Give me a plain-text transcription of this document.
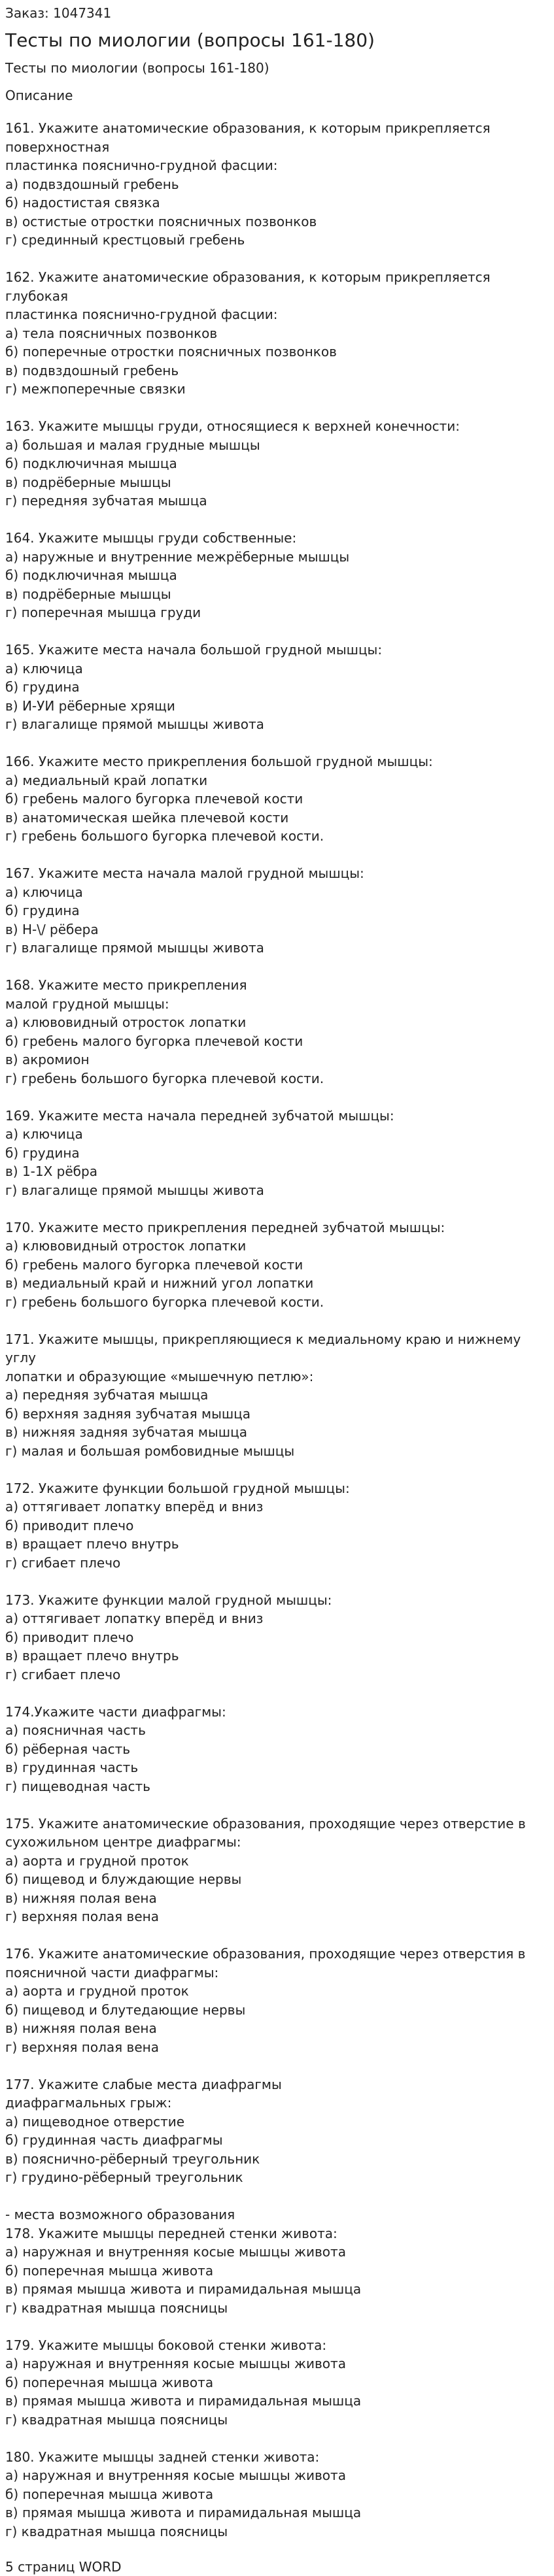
Заказ: 1047341

Тесты по миологии (вопросы 161-180)

Тесты по миологии (вопросы 161-180)

Описание

161. Укажите анатомические образования, к которым прикрепляется поверхностная
пластинка пояснично-грудной фасции:
а) подвздошный гребень
б) надостистая связка
в) остистые отростки поясничных позвонков
г) срединный крестцовый гребень

162. Укажите анатомические образования, к которым прикрепляется глубокая
пластинка пояснично-грудной фасции:
а) тела поясничных позвонков
б) поперечные отростки поясничных позвонков
в) подвздошный гребень
г) межпоперечные связки

163. Укажите мышцы груди, относящиеся к верхней конечности:
а) большая и малая грудные мышцы
б) подключичная мышца
в) подрёберные мышцы
г) передняя зубчатая мышца

164. Укажите мышцы груди собственные:
а) наружные и внутренние межрёберные мышцы
б) подключичная мышца
в) подрёберные мышцы
г) поперечная мышца груди

165. Укажите места начала большой грудной мышцы:
а) ключица
б) грудина
в) И-УИ рёберные хрящи
г) влагалище прямой мышцы живота

166. Укажите место прикрепления большой грудной мышцы:
а) медиальный край лопатки
б) гребень малого бугорка плечевой кости
в) анатомическая шейка плечевой кости
г) гребень большого бугорка плечевой кости.

167. Укажите места начала малой грудной мышцы:
а) ключица
б) грудина
в) Н-\/ рёбера
г) влагалище прямой мышцы живота

168. Укажите место прикрепления
малой грудной мышцы:
а) клювовидный отросток лопатки
б) гребень малого бугорка плечевой кости
в) акромион
г) гребень большого бугорка плечевой кости.

169. Укажите места начала передней зубчатой мышцы:
а) ключица
б) грудина
в) 1-1Х рёбра
г) влагалище прямой мышцы живота

170. Укажите место прикрепления передней зубчатой мышцы:
а) клювовидный отросток лопатки
б) гребень малого бугорка плечевой кости
в) медиальный край и нижний угол лопатки
г) гребень большого бугорка плечевой кости.

171. Укажите мышцы, прикрепляющиеся к медиальному краю и нижнему углу
лопатки и образующие «мышечную петлю»:
а) передняя зубчатая мышца
б) верхняя задняя зубчатая мышца
в) нижняя задняя зубчатая мышца
г) малая и большая ромбовидные мышцы

172. Укажите функции большой грудной мышцы:
а) оттягивает лопатку вперёд и вниз
б) приводит плечо
в) вращает плечо внутрь
г) сгибает плечо

173. Укажите функции малой грудной мышцы:
а) оттягивает лопатку вперёд и вниз
б) приводит плечо
в) вращает плечо внутрь
г) сгибает плечо

174.Укажите части диафрагмы:
а) поясничная часть
б) рёберная часть
в) грудинная часть
г) пищеводная часть

175. Укажите анатомические образования, проходящие через отверстие в
сухожильном центре диафрагмы:
а) аорта и грудной проток
б) пищевод и блуждающие нервы
в) нижняя полая вена
г) верхняя полая вена

176. Укажите анатомические образования, проходящие через отверстия в
поясничной части диафрагмы:
а) аорта и грудной проток
б) пищевод и блутедающие нервы
в) нижняя полая вена
г) верхняя полая вена

177. Укажите слабые места диафрагмы
диафрагмальных грыж:
а) пищеводное отверстие
б) грудинная часть диафрагмы
в) пояснично-рёберный треугольник
г) грудино-рёберный треугольник

- места возможного образования
178. Укажите мышцы передней стенки живота:
а) наружная и внутренняя косые мышцы живота
б) поперечная мышца живота
в) прямая мышца живота и пирамидальная мышца
г) квадратная мышца поясницы

179. Укажите мышцы боковой стенки живота:
а) наружная и внутренняя косые мышцы живота
б) поперечная мышца живота
в) прямая мышца живота и пирамидальная мышца
г) квадратная мышца поясницы

180. Укажите мышцы задней стенки живота:
а) наружная и внутренняя косые мышцы живота
б) поперечная мышца живота
в) прямая мышца живота и пирамидальная мышца
г) квадратная мышца поясницы

5 страниц WORD
